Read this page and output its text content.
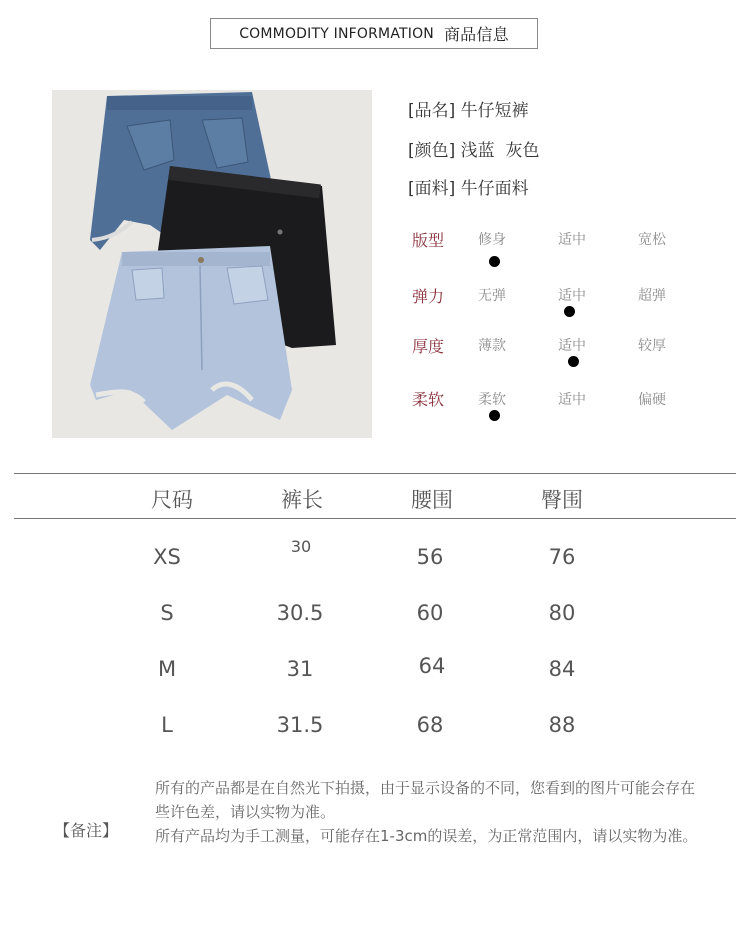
COMMODITY INFORMATION 商品信息
[品名] 牛仔短裤
[颜色] 浅蓝  灰色
[面料] 牛仔面料
版型 修身	适中	宽松
弹力 无弹	适中	超弹
厚度 薄款	适中	较厚
柔软 柔软	适中	偏硬
尺码	裤长	腰围	臀围
XS	30	56	76
S	30.5	60	80
M	31	64	84
L	31.5	68	88
【备注】
所有的产品都是在自然光下拍摄，由于显示设备的不同，您看到的图片可能会存在些许色差，请以实物为准。
所有产品均为手工测量，可能存在1-3cm的误差，为正常范围内，请以实物为准。
